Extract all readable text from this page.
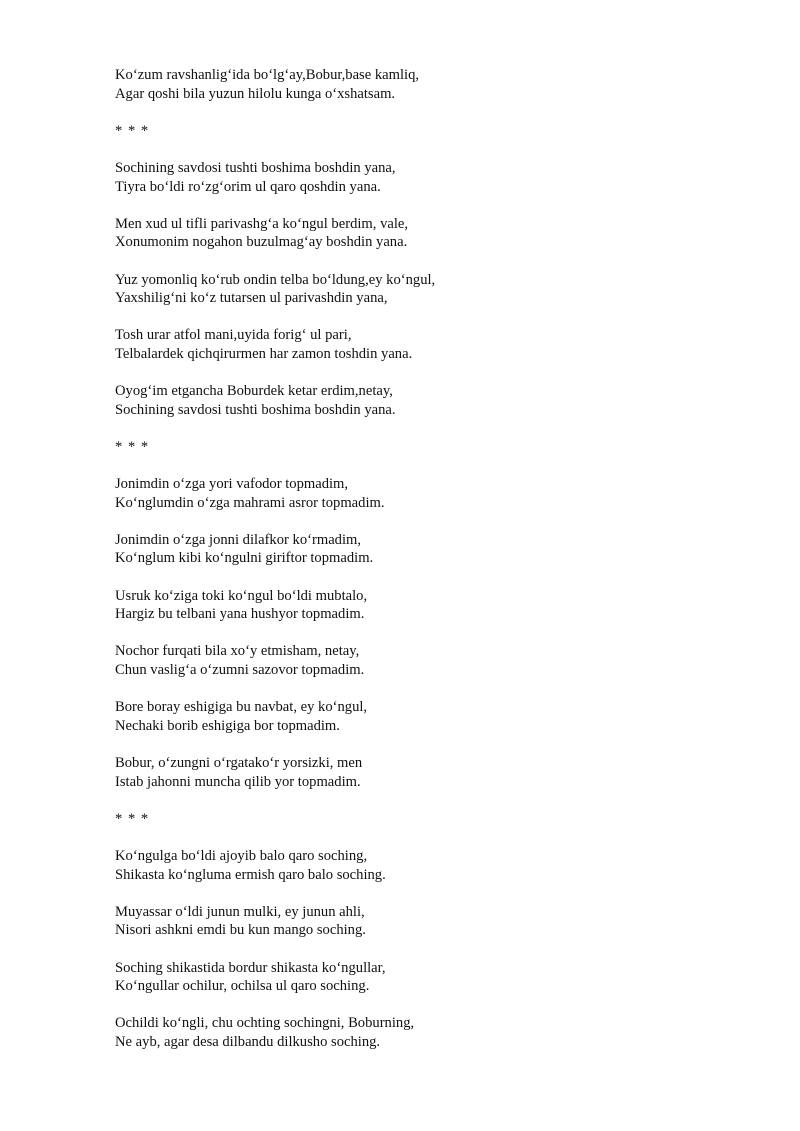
Ko‘zum ravshanlig‘ida bo‘lg‘ay,Bobur,base kamliq,
Agar qoshi bila yuzun hilolu kunga o‘xshatsam.
* * *
Sochining savdosi tushti boshima boshdin yana,
Tiyra bo‘ldi ro‘zg‘orim ul qaro qoshdin yana.
Men xud ul tifli parivashg‘a ko‘ngul berdim, vale,
Xonumonim nogahon buzulmag‘ay boshdin yana.
Yuz yomonliq ko‘rub ondin telba bo‘ldung,ey ko‘ngul,
Yaxshilig‘ni ko‘z tutarsen ul parivashdin yana,
Tosh urar atfol mani,uyida forig‘ ul pari,
Telbalardek qichqirurmen har zamon toshdin yana.
Oyog‘im etgancha Boburdek ketar erdim,netay,
Sochining savdosi tushti boshima boshdin yana.
* * *
Jonimdin o‘zga yori vafodor topmadim,
Ko‘nglumdin o‘zga mahrami asror topmadim.
Jonimdin o‘zga jonni dilafkor ko‘rmadim,
Ko‘nglum kibi ko‘ngulni giriftor topmadim.
Usruk ko‘ziga toki ko‘ngul bo‘ldi mubtalo,
Hargiz bu telbani yana hushyor topmadim.
Nochor furqati bila xo‘y etmisham, netay,
Chun vaslig‘a o‘zumni sazovor topmadim.
Bore boray eshigiga bu navbat, ey ko‘ngul,
Nechaki borib eshigiga bor topmadim.
Bobur, o‘zungni o‘rgatako‘r yorsizki, men
Istab jahonni muncha qilib yor topmadim.
* * *
Ko‘ngulga bo‘ldi ajoyib balo qaro soching,
Shikasta ko‘ngluma ermish qaro balo soching.
Muyassar o‘ldi junun mulki, ey junun ahli,
Nisori ashkni emdi bu kun mango soching.
Soching shikastida bordur shikasta ko‘ngullar,
Ko‘ngullar ochilur, ochilsa ul qaro soching.
Ochildi ko‘ngli, chu ochting sochingni, Boburning,
Ne ayb, agar desa dilbandu dilkusho soching.
